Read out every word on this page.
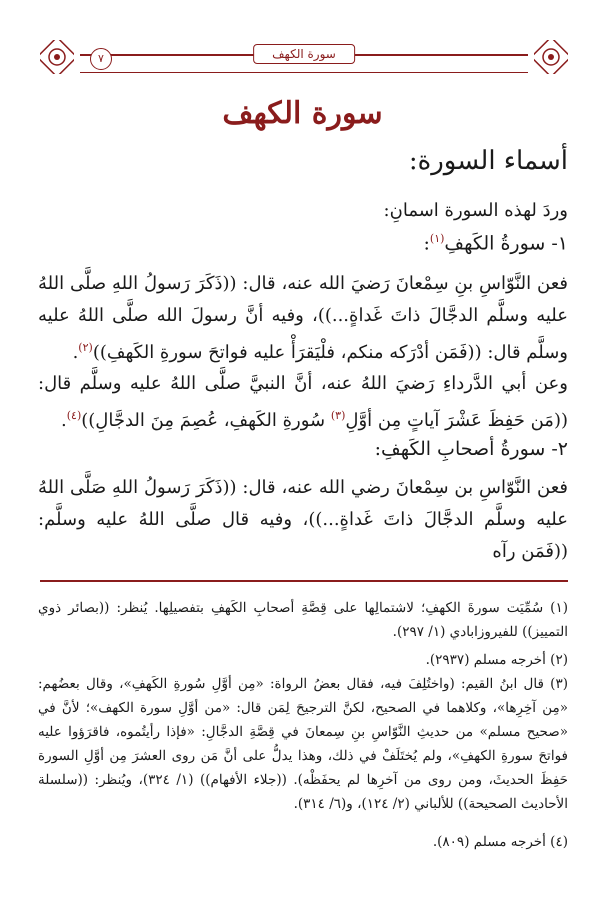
سورة الكهف
٧
سورة الكهف
أسماء السورة:
وردَ لهذه السورة اسمانِ:
١- سورةُ الكَهفِ$^{(١)}$:
فعن النَّوّاسِ بنِ سِمْعانَ رَضيَ الله عنه، قال: ((ذَكَرَ رَسولُ اللهِ صلَّى اللهُ عليه وسلَّم الدجَّالَ ذاتَ غَداةٍ...))، وفيه أنَّ رسولَ الله صلَّى اللهُ عليه وسلَّم قال: ((فَمَن أدْرَكه منكم، فلْيَقرَأْ عليه فواتحَ سورةِ الكَهفِ))$^{(٢)}$.
وعن أبي الدَّرداءِ رَضيَ اللهُ عنه، أنَّ النبيَّ صلَّى اللهُ عليه وسلَّم قال: ((مَن حَفِظَ عَشْرَ آياتٍ مِن أوَّلِ$^{(٣)}$ سُورةِ الكَهفِ، عُصِمَ مِنَ الدجَّالِ))$^{(٤)}$.
٢- سورةُ أصحابِ الكَهفِ:
فعن النَّوّاسِ بن سِمْعانَ رضي الله عنه، قال: ((ذَكَرَ رَسولُ اللهِ صَلَّى اللهُ عليه وسلَّم الدجَّالَ ذاتَ غَداةٍ...))، وفيه قال صلَّى اللهُ عليه وسلَّم: ((فَمَن رآه
(١) سُمِّيَت سورةَ الكهفِ؛ لاشتمالِها على قِصَّةِ أصحابِ الكَهفِ بتفصيلِها. يُنظر: ((بصائر ذوي التمييز)) للفيروزابادي (١/ ٢٩٧).
(٢) أخرجه مسلم (٢٩٣٧).
(٣) قال ابنُ القيم: (واختُلِفَ فيه، فقال بعضُ الرواة: «مِن أوَّلِ سُورةِ الكَهفِ»، وقال بعضُهم: «مِن آخِرِها»، وكلاهما في الصحيح، لكنَّ الترجيحَ لِمَن قال: «من أوَّلِ سورة الكهف»؛ لأنَّ في «صحيح مسلم» من حديثِ النَّوّاسِ بنِ سِمعانَ في قِصَّةِ الدجَّالِ: «فإذا رأيتُموه، فاقرَؤوا عليه فواتحَ سورةِ الكهفِ»، ولم يُختَلَفْ في ذلك، وهذا يدلُّ على أنَّ مَن روى العشرَ مِن أوَّلِ السورة حَفِظَ الحديثَ، ومن روى من آخرِها لم يحفَظْه). ((جلاء الأفهام)) (١/ ٣٢٤)، ويُنظر: ((سلسلة الأحاديث الصحيحة)) للألباني (٢/ ١٢٤)، و(٦/ ٣١٤).
(٤) أخرجه مسلم (٨٠٩).
